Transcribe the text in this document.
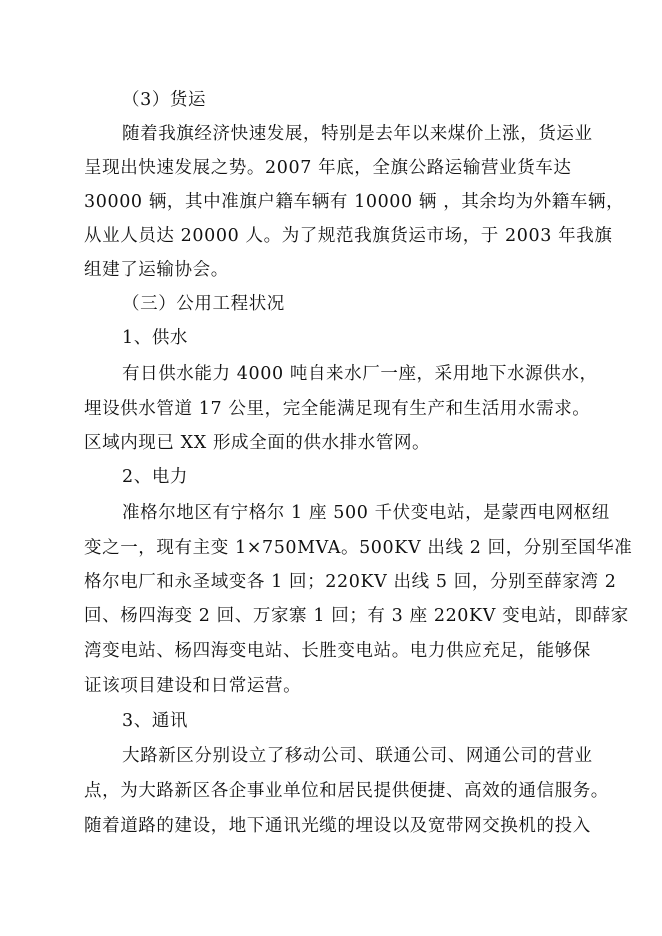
（3）货运
随着我旗经济快速发展，特别是去年以来煤价上涨，货运业
呈现出快速发展之势。2007 年底，全旗公路运输营业货车达
30000 辆，其中准旗户籍车辆有 10000 辆 ，其余均为外籍车辆，
从业人员达 20000 人。为了规范我旗货运市场，于 2003 年我旗
组建了运输协会。
（三）公用工程状况
1、供水
有日供水能力 4000 吨自来水厂一座，采用地下水源供水，
埋设供水管道 17 公里，完全能满足现有生产和生活用水需求。
区域内现已 XX 形成全面的供水排水管网。
2、电力
准格尔地区有宁格尔 1 座 500 千伏变电站，是蒙西电网枢纽
变之一，现有主变 1×750MVA。500KV 出线 2 回，分别至国华准
格尔电厂和永圣域变各 1 回；220KV 出线 5 回，分别至薛家湾 2
回、杨四海变 2 回、万家寨 1 回；有 3 座 220KV 变电站，即薛家
湾变电站、杨四海变电站、长胜变电站。电力供应充足，能够保
证该项目建设和日常运营。
3、通讯
大路新区分别设立了移动公司、联通公司、网通公司的营业
点，为大路新区各企事业单位和居民提供便捷、高效的通信服务。
随着道路的建设，地下通讯光缆的埋设以及宽带网交换机的投入
